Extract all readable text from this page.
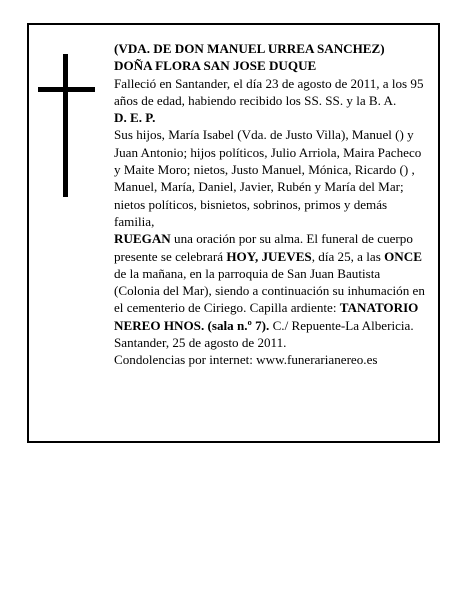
(VDA. DE DON MANUEL URREA SANCHEZ)

DOÑA FLORA SAN JOSE DUQUE

Falleció en Santander, el día 23 de agosto de 2011, a los 95 años de edad, habiendo recibido los SS. SS. y la B. A.

D. E. P.

Sus hijos, María Isabel (Vda. de Justo Villa), Manuel () y Juan Antonio; hijos políticos, Julio Arriola, Maira Pacheco y Maite Moro; nietos, Justo Manuel, Mónica, Ricardo () , Manuel, María, Daniel, Javier, Rubén y María del Mar; nietos políticos, bisnietos, sobrinos, primos y demás familia,

RUEGAN una oración por su alma. El funeral de cuerpo presente se celebrará HOY, JUEVES, día 25, a las ONCE de la mañana, en la parroquia de San Juan Bautista (Colonia del Mar), siendo a continuación su inhumación en el cementerio de Ciriego. Capilla ardiente: TANATORIO NEREO HNOS. (sala n.º 7). C./ Repuente-La Albericia.

Santander, 25 de agosto de 2011.

Condolencias por internet: www.funerarianereo.es
